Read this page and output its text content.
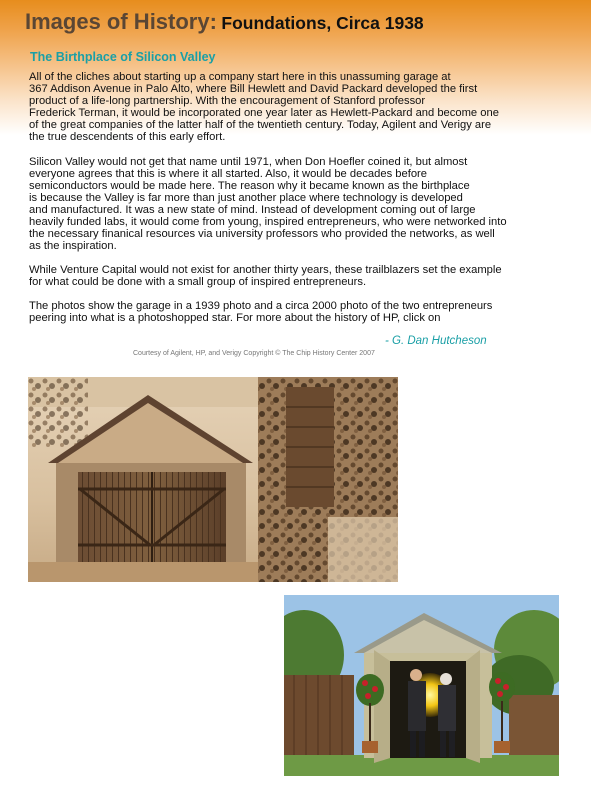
Images of History: Foundations, Circa 1938
The Birthplace of Silicon Valley

All of the cliches about starting up a company start here in this unassuming garage at
367 Addison Avenue in Palo Alto, where Bill Hewlett and David Packard developed the first
product of a life-long partnership. With the encouragement of Stanford professor
Frederick Terman, it would be incorporated one year later as Hewlett-Packard and become one
of the great companies of the latter half of the twentieth century. Today, Agilent and Verigy are
the true descendents of this early effort.

Silicon Valley would not get that name until 1971, when Don Hoefler coined it, but almost
everyone agrees that this is where it all started. Also, it would be decades before
semiconductors would be made here. The reason why it became known as the birthplace
is because the Valley is far more than just another place where technology is developed
and manufactured. It was a new state of mind. Instead of development coming out of large
heavily funded labs, it would come from young, inspired entrepreneurs, who were networked into
the necessary finanical resources via university professors who provided the networks, as well
as the inspiration.

While Venture Capital would not exist for another thirty years, these trailblazers set the example
for what could be done with a small group of inspired entrepreneurs.

The photos show the garage in a 1939 photo and a circa 2000 photo of the two entrepreneurs
peering into what is a photoshopped star. For more about the history of HP, click on

- G. Dan Hutcheson

Courtesy of Agilent, HP, and Verigy Copyright © The Chip History Center 2007
